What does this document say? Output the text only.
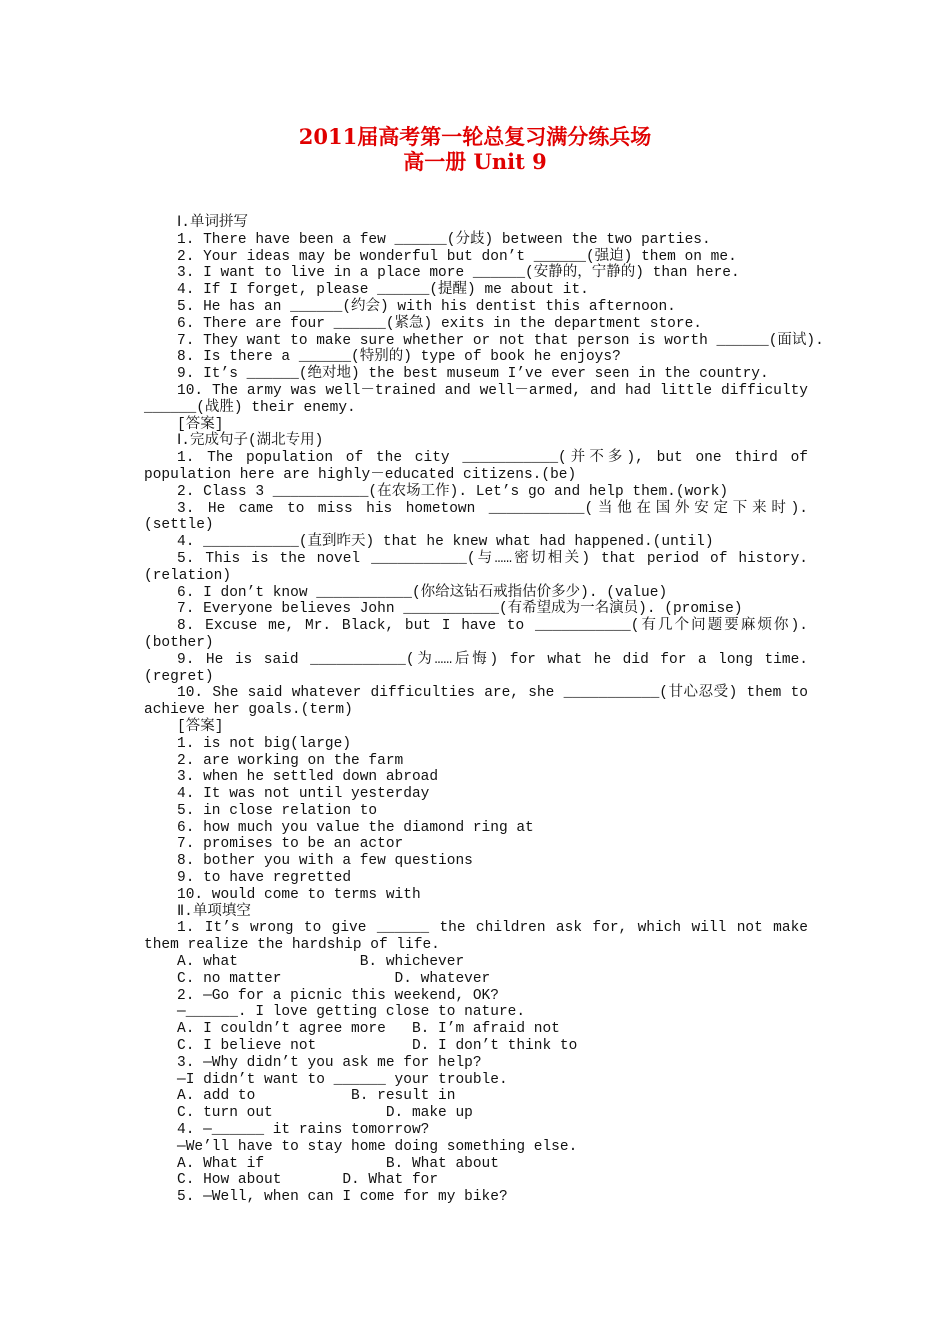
2011届高考第一轮总复习满分练兵场
高一册 Unit 9
Ⅰ.单词拼写
1. There have been a few ______(分歧) between the two parties.
2. Your ideas may be wonderful but don’t ______(强迫) them on me.
3. I want to live in a place more ______(安静的，宁静的) than here.
4. If I forget, please ______(提醒) me about it.
5. He has an ______(约会) with his dentist this afternoon.
6. There are four ______(紧急) exits in the department store.
7. They want to make sure whether or not that person is worth ______(面试).
8. Is there a ______(特别的) type of book he enjoys?
9. It’s ______(绝对地) the best museum I’ve ever seen in the country.
10. The army was well－trained and well－armed, and had little difficulty
______(战胜) their enemy.
[答案]
Ⅰ.完成句子(湖北专用)
1. The population of the city ___________(并不多), but one third of
population here are highly－educated citizens.(be)
2. Class 3 ___________(在农场工作). Let’s go and help them.(work)
3. He came to miss his hometown ___________(当他在国外安定下来时).
(settle)
4. ___________(直到昨天) that he knew what had happened.(until)
5. This is the novel ___________(与……密切相关) that period of history.
(relation)
6. I don’t know ___________(你给这钻石戒指估价多少). (value)
7. Everyone believes John ___________(有希望成为一名演员). (promise)
8. Excuse me, Mr. Black, but I have to ___________(有几个问题要麻烦你).
(bother)
9. He is said ___________(为……后悔) for what he did for a long time.
(regret)
10. She said whatever difficulties are, she ___________(甘心忍受) them to
achieve her goals.(term)
[答案]
1. is not big(large)
2. are working on the farm
3. when he settled down abroad
4. It was not until yesterday
5. in close relation to
6. how much you value the diamond ring at
7. promises to be an actor
8. bother you with a few questions
9. to have regretted
10. would come to terms with
Ⅱ.单项填空
1. It’s wrong to give ______ the children ask for, which will not make
them realize the hardship of life.
A. what              B. whichever
C. no matter             D. whatever
2. —Go for a picnic this weekend, OK?
—______. I love getting close to nature.
A. I couldn’t agree more   B. I’m afraid not
C. I believe not           D. I don’t think to
3. —Why didn’t you ask me for help?
—I didn’t want to ______ your trouble.
A. add to           B. result in
C. turn out             D. make up
4. —______ it rains tomorrow?
—We’ll have to stay home doing something else.
A. What if              B. What about
C. How about       D. What for
5. —Well, when can I come for my bike?
